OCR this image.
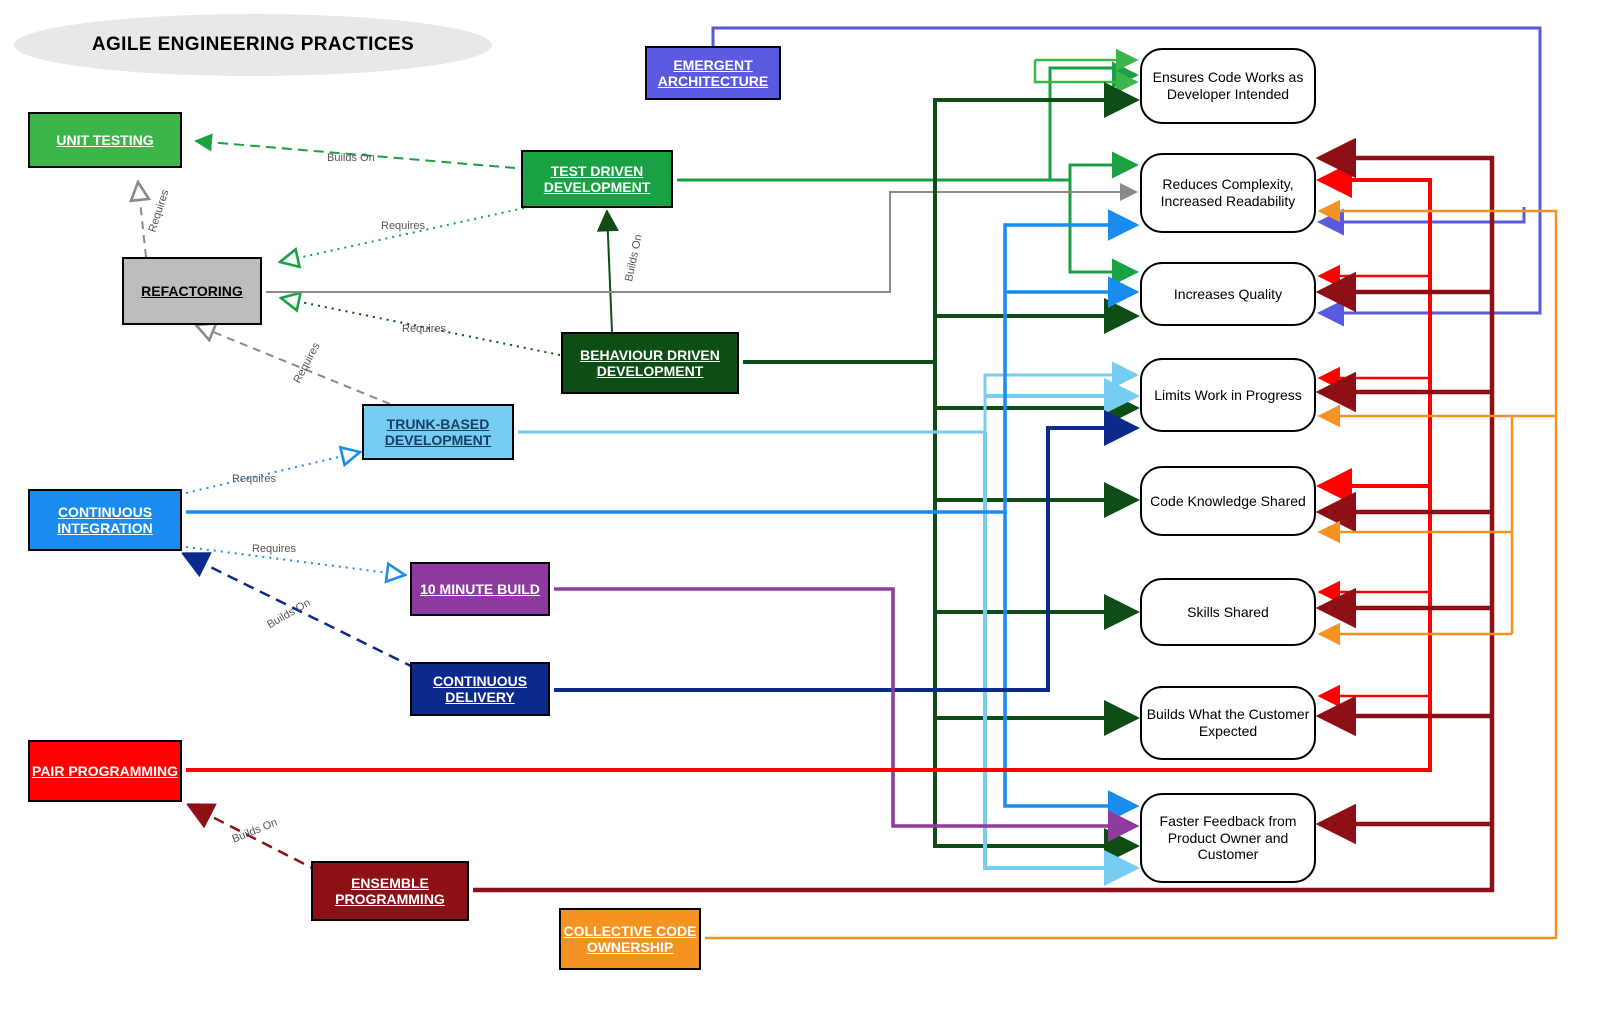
AGILE ENGINEERING PRACTICES
UNIT TESTING
EMERGENT ARCHITECTURE
TEST DRIVEN DEVELOPMENT
REFACTORING
BEHAVIOUR DRIVEN DEVELOPMENT
TRUNK-BASED DEVELOPMENT
CONTINUOUS INTEGRATION
10 MINUTE BUILD
CONTINUOUS DELIVERY
PAIR PROGRAMMING
ENSEMBLE PROGRAMMING
COLLECTIVE CODE OWNERSHIP
Ensures Code Works as Developer Intended
Reduces Complexity, Increased Readability
Increases Quality
Limits Work in Progress
Code Knowledge Shared
Skills Shared
Builds What the Customer Expected
Faster Feedback from Product Owner and Customer
Builds On
Requires	Requires
Builds On
Requires
Requires
Requires
Requires
Builds On
Builds On
